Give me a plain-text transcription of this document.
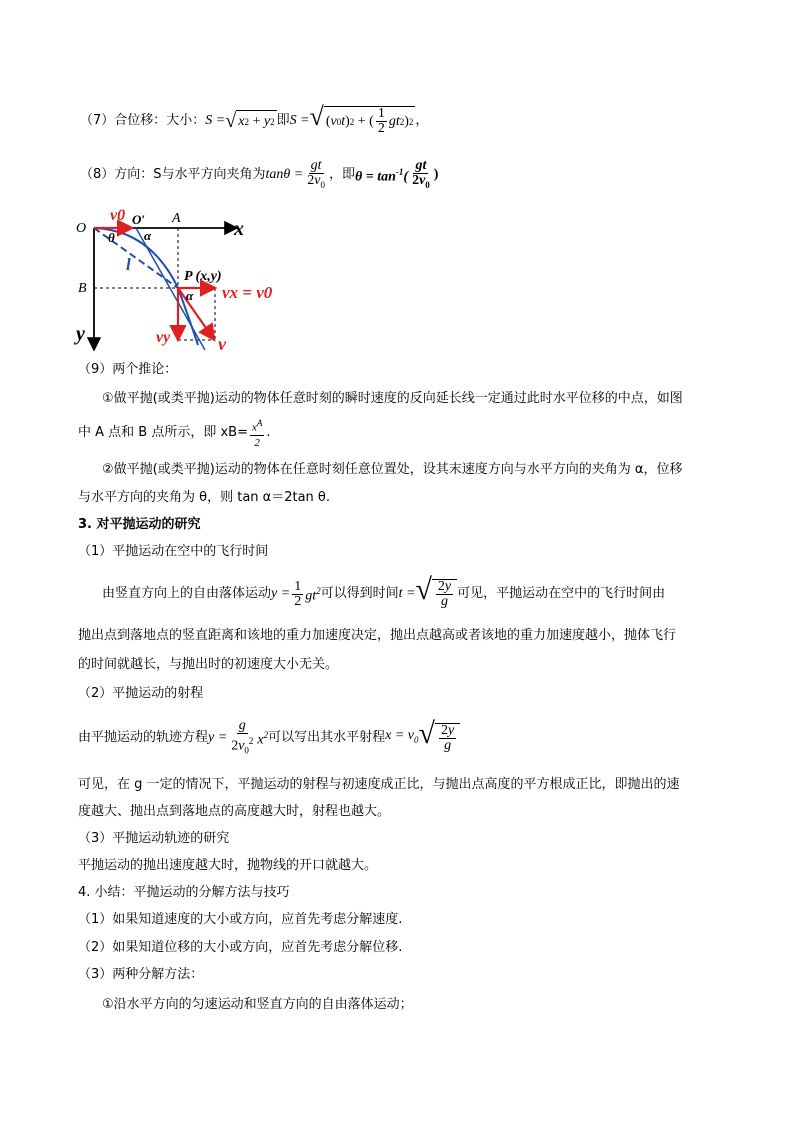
（7）合位移：大小： S = √ x 2 + y 2 即 S = √ ( v 0 t ) 2 + ( $\frac{1}{2}$ gt 2 ) 2 ，
（8）方向：S与水平方向夹角为 $\tan\theta = \frac{gt}{2v_0}$ ，即 $\theta = \tan^{-1}( \frac{gt}{2v_0}$ )
O
v0 O′ A	x
θ α
l
P (x,y)
B	α vx = v0
y	vy	v
（9）两个推论：
①做平抛(或类平抛)运动的物体任意时刻的瞬时速度的反向延长线一定通过此时水平位移的中点，如图
中 A 点和 B 点所示，即 $xB= \frac{x^A}{2}$ .
②做平抛(或类平抛)运动的物体在任意时刻任意位置处，设其末速度方向与水平方向的夹角为 α，位移
与水平方向的夹角为 θ，则 tan α＝2tan θ.
3. 对平抛运动的研究
（1）平抛运动在空中的飞行时间
由竖直方向上的自由落体运动 $y = \frac{1}{2} gt^2$ 可以得到时间 t = √ $\frac{2y}{g}$ 可见，平抛运动在空中的飞行时间由
抛出点到落地点的竖直距离和该地的重力加速度决定，抛出点越高或者该地的重力加速度越小，抛体飞行
的时间就越长，与抛出时的初速度大小无关。
（2）平抛运动的射程
由平抛运动的轨迹方程 $y = \frac{g}{2v_0^2} x^2$ 可以写出其水平射程 $x = v_0$ √ $\frac{2y}{g}$
可见，在 g 一定的情况下，平抛运动的射程与初速度成正比，与抛出点高度的平方根成正比，即抛出的速
度越大、抛出点到落地点的高度越大时，射程也越大。
（3）平抛运动轨迹的研究
平抛运动的抛出速度越大时，抛物线的开口就越大。
4. 小结：平抛运动的分解方法与技巧
（1）如果知道速度的大小或方向，应首先考虑分解速度.
（2）如果知道位移的大小或方向，应首先考虑分解位移.
（3）两种分解方法：
①沿水平方向的匀速运动和竖直方向的自由落体运动；
